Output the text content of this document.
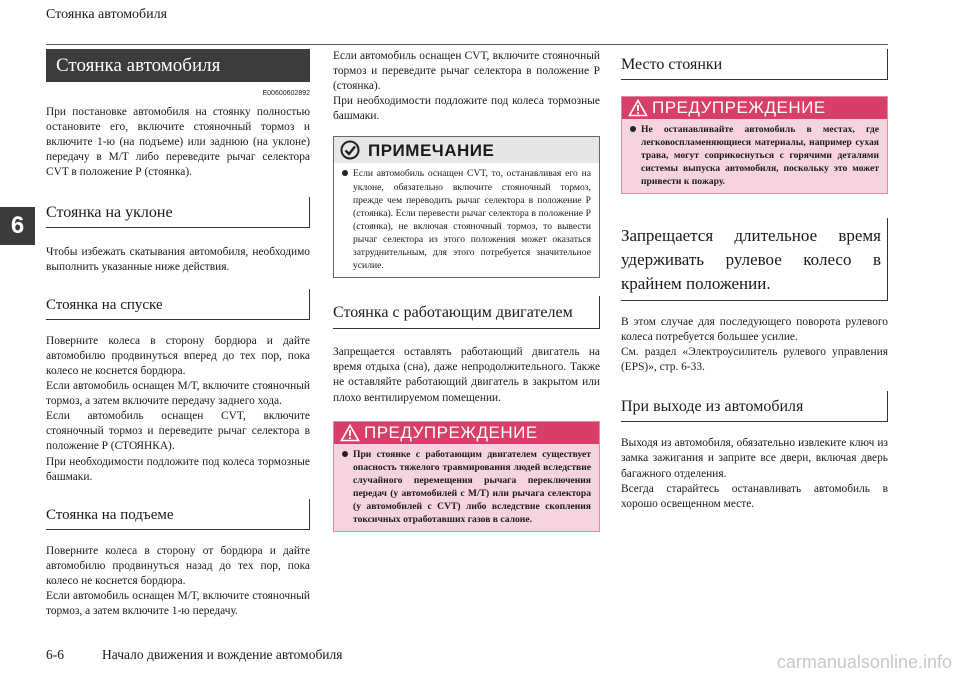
Стоянка автомобиля
6
Стоянка автомобиля
E00600602892

При постановке автомобиля на стоянку полностью остановите его, включите стояночный тормоз и включите 1-ю (на подъеме) или заднюю (на уклоне) передачу в М/Т либо переведите рычаг селектора CVT в положение Р (стоянка).

Стоянка на уклоне

Чтобы избежать скатывания автомобиля, необходимо выполнить указанные ниже действия.

Стоянка на спуске

Поверните колеса в сторону бордюра и дайте автомобилю продвинуться вперед до тех пор, пока колесо не коснется бордюра.

Если автомобиль оснащен М/Т, включите стояночный тормоз, а затем включите передачу заднего хода.

Если автомобиль оснащен CVT, включите стояночный тормоз и переведите рычаг селектора в положение Р (СТОЯНКА).

При необходимости подложите под колеса тормозные башмаки.

Стоянка на подъеме

Поверните колеса в сторону от бордюра и дайте автомобилю продвинуться назад до тех пор, пока колесо не коснется бордюра.

Если автомобиль оснащен М/Т, включите стояночный тормоз, а затем включите 1-ю передачу.

Если автомобиль оснащен CVT, включите стояночный тормоз и переведите рычаг селектора в положение Р (стоянка).

При необходимости подложите под колеса тормозные башмаки.

ПРИМЕЧАНИЕ
Если автомобиль оснащен CVT, то, останавливая его на уклоне, обязательно включите стояночный тормоз, прежде чем переводить рычаг селектора в положение Р (стоянка). Если перевести рычаг селектора в положение Р (стоянка), не включая стояночный тормоз, то вывести рычаг селектора из этого положения может оказаться затруднительным, для этого потребуется значительное усилие.
Стоянка с работающим двигателем

Запрещается оставлять работающий двигатель на время отдыха (сна), даже непродолжительного. Также не оставляйте работающий двигатель в закрытом или плохо вентилируемом помещении.

ПРЕДУПРЕЖДЕНИЕ
При стоянке с работающим двигателем существует опасность тяжелого травмирования людей вследствие случайного перемещения рычага переключения передач (у автомобилей с М/Т) или рычага селектора (у автомобилей с CVT) либо вследствие скопления токсичных отработавших газов в салоне.
Место стоянки
ПРЕДУПРЕЖДЕНИЕ
Не останавливайте автомобиль в местах, где легковоспламеняющиеся материалы, например сухая трава, могут соприкоснуться с горячими деталями системы выпуска автомобиля, поскольку это может привести к пожару.
Запрещается длительное время удерживать рулевое колесо в крайнем положении.

В этом случае для последующего поворота рулевого колеса потребуется большее усилие.

См. раздел «Электроусилитель рулевого управления (EPS)», стр. 6-33.

При выходе из автомобиля

Выходя из автомобиля, обязательно извлеките ключ из замка зажигания и заприте все двери, включая дверь багажного отделения.

Всегда старайтесь останавливать автомобиль в хорошо освещенном месте.

6-6	Начало движения и вождение автомобиля	carmanualsonline.info
